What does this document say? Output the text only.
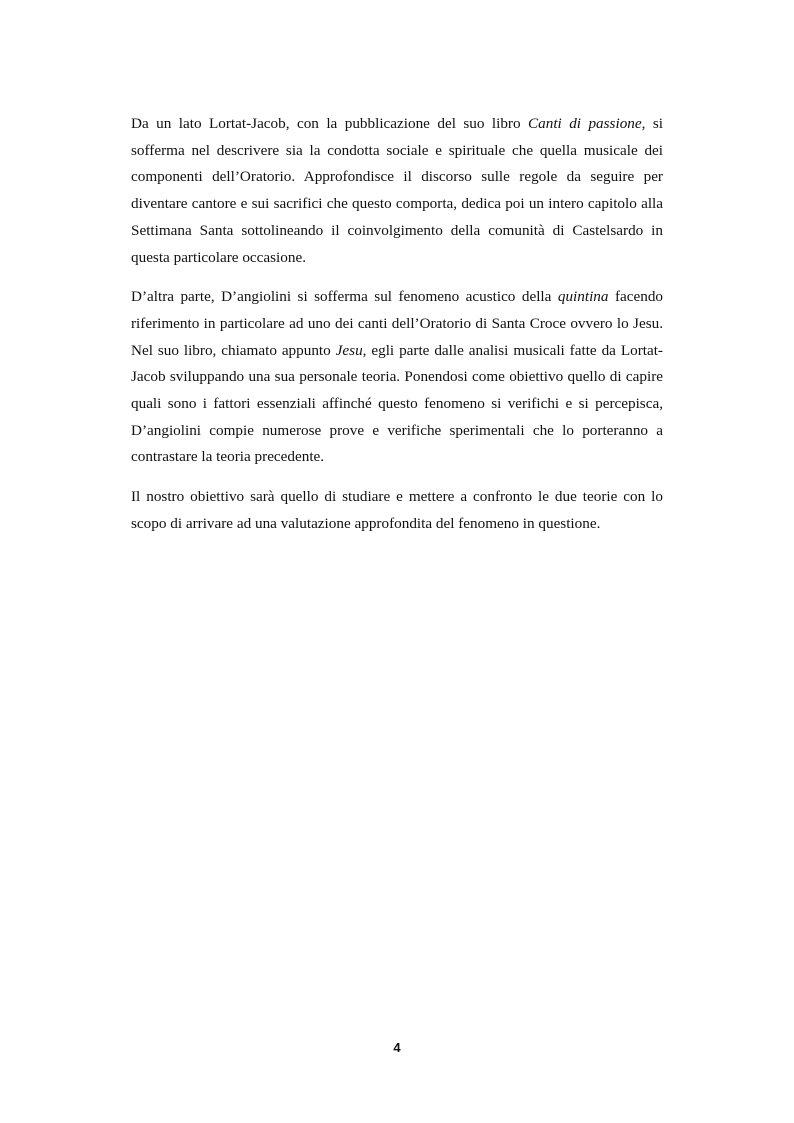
Da un lato Lortat-Jacob, con la pubblicazione del suo libro Canti di passione, si sofferma nel descrivere sia la condotta sociale e spirituale che quella musicale dei componenti dell’Oratorio. Approfondisce il discorso sulle regole da seguire per diventare cantore e sui sacrifici che questo comporta, dedica poi un intero capitolo alla Settimana Santa sottolineando il coinvolgimento della comunità di Castelsardo in questa particolare occasione.

D’altra parte, D’angiolini si sofferma sul fenomeno acustico della quintina facendo riferimento in particolare ad uno dei canti dell’Oratorio di Santa Croce ovvero lo Jesu. Nel suo libro, chiamato appunto Jesu, egli parte dalle analisi musicali fatte da Lortat-Jacob sviluppando una sua personale teoria. Ponendosi come obiettivo quello di capire quali sono i fattori essenziali affinché questo fenomeno si verifichi e si percepisca, D’angiolini compie numerose prove e verifiche sperimentali che lo porteranno a contrastare la teoria precedente.

Il nostro obiettivo sarà quello di studiare e mettere a confronto le due teorie con lo scopo di arrivare ad una valutazione approfondita del fenomeno in questione.

4
